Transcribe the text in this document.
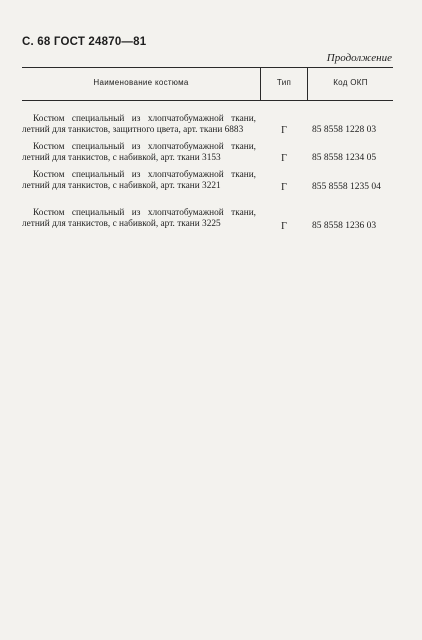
С. 68 ГОСТ 24870—81
Продолжение
Наименование костюма	Тип	Код ОКП
Костюм специальный из хлопчатобумажной ткани, летний для танкистов, защитного цвета, арт. ткани 6883	Г	85 8558 1228 03
Костюм специальный из хлопчатобумажной ткани, летний для танкистов, с набивкой, арт. ткани 3153	Г	85 8558 1234 05
Костюм специальный из хлопчатобумажной ткани, летний для танкистов, с набивкой, арт. ткани 3221	Г	855 8558 1235 04
Костюм специальный из хлопчатобумажной ткани, летний для танкистов, с набивкой, арт. ткани 3225	Г	85 8558 1236 03
